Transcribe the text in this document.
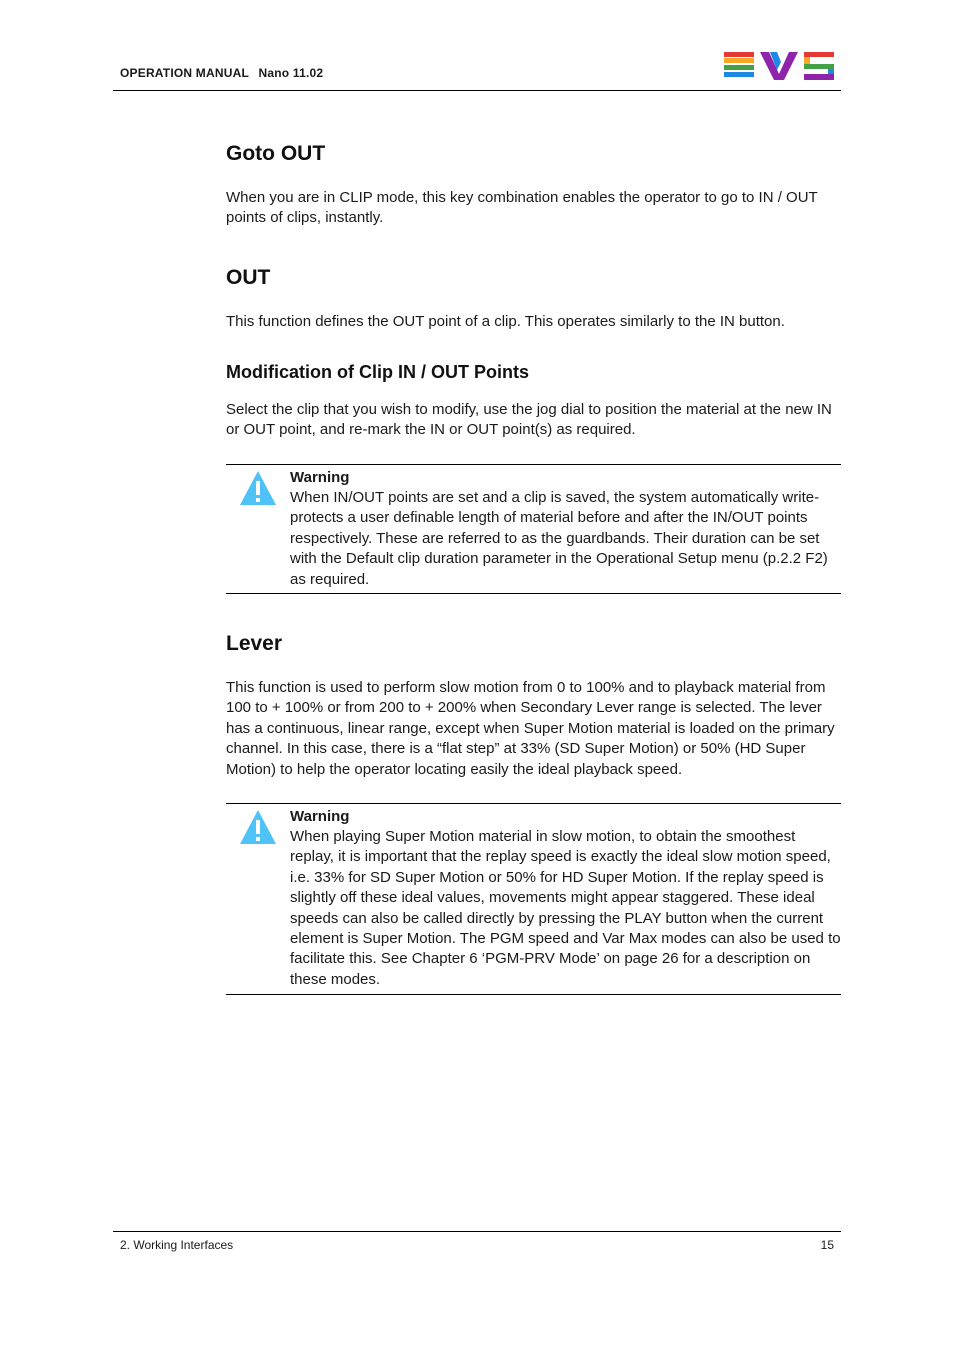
OPERATION MANUAL Nano 11.02
Goto OUT

When you are in CLIP mode, this key combination enables the operator to go to IN / OUT points of clips, instantly.

OUT

This function defines the OUT point of a clip. This operates similarly to the IN button.

Modification of Clip IN / OUT Points

Select the clip that you wish to modify, use the jog dial to position the material at the new IN or OUT point, and re-mark the IN or OUT point(s) as required.

Warning

When IN/OUT points are set and a clip is saved, the system automatically write-protects a user definable length of material before and after the IN/OUT points respectively. These are referred to as the guardbands. Their duration can be set with the Default clip duration parameter in the Operational Setup menu (p.2.2 F2) as required.

Lever

This function is used to perform slow motion from 0 to 100% and to playback material from 100 to + 100% or from 200 to + 200% when Secondary Lever range is selected. The lever has a continuous, linear range, except when Super Motion material is loaded on the primary channel. In this case, there is a “flat step” at 33% (SD Super Motion) or 50% (HD Super Motion) to help the operator locating easily the ideal playback speed.

Warning

When playing Super Motion material in slow motion, to obtain the smoothest replay, it is important that the replay speed is exactly the ideal slow motion speed, i.e. 33% for SD Super Motion or 50% for HD Super Motion. If the replay speed is slightly off these ideal values, movements might appear staggered. These ideal speeds can also be called directly by pressing the PLAY button when the current element is Super Motion. The PGM speed and Var Max modes can also be used to facilitate this. See Chapter 6 ‘PGM-PRV Mode’ on page 26 for a description on these modes.

2. Working Interfaces	15
